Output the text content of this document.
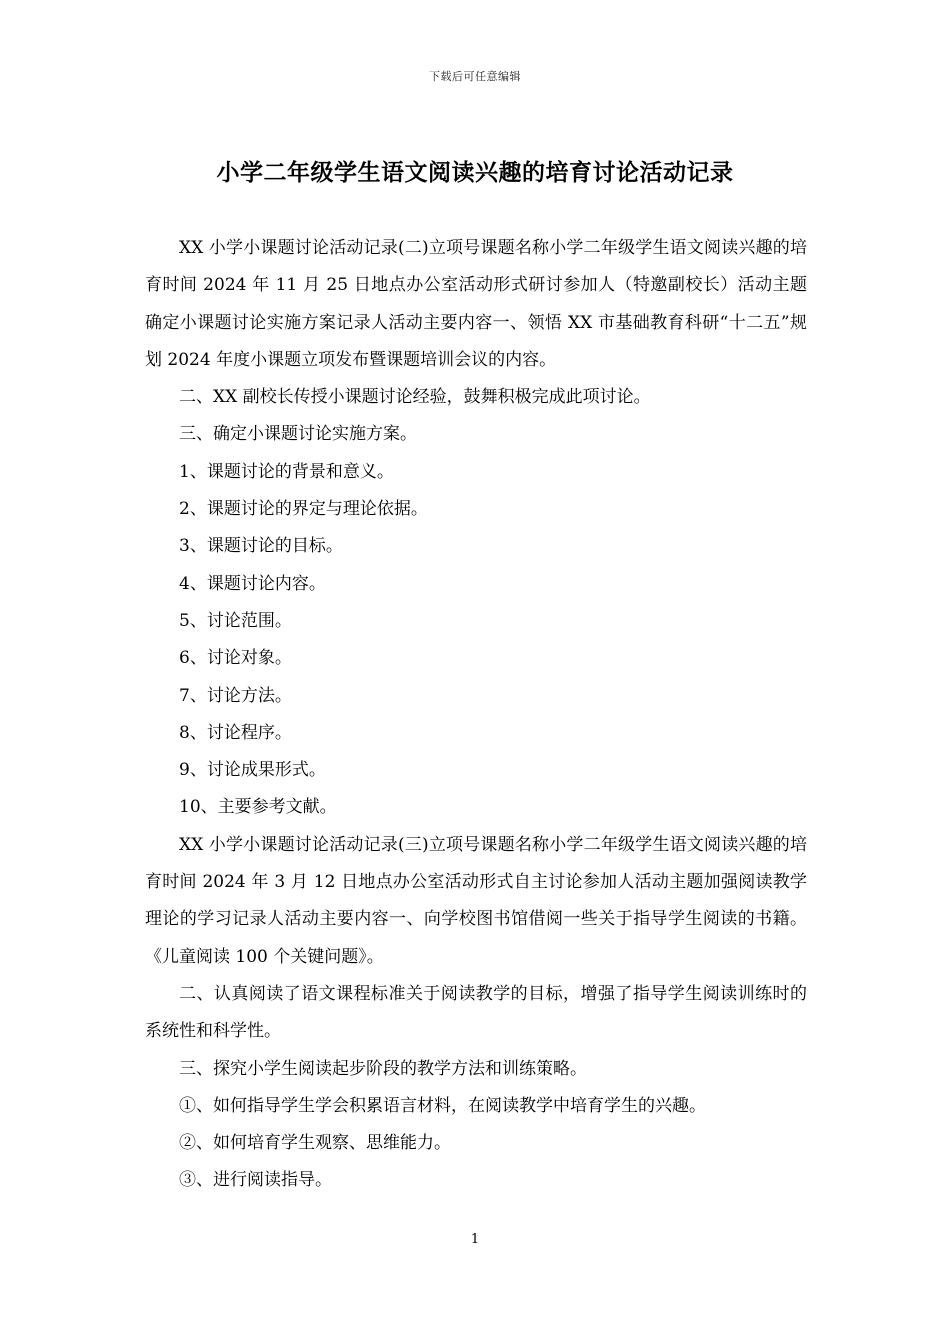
下载后可任意编辑
小学二年级学生语文阅读兴趣的培育讨论活动记录

XX 小学小课题讨论活动记录(二)立项号课题名称小学二年级学生语文阅读兴趣的培育时间 2024 年 11 月 25 日地点办公室活动形式研讨参加人（特邀副校长）活动主题确定小课题讨论实施方案记录人活动主要内容一、领悟 XX 市基础教育科研“十二五”规划 2024 年度小课题立项发布暨课题培训会议的内容。

二、XX 副校长传授小课题讨论经验，鼓舞积极完成此项讨论。

三、确定小课题讨论实施方案。

1、课题讨论的背景和意义。

2、课题讨论的界定与理论依据。

3、课题讨论的目标。

4、课题讨论内容。

5、讨论范围。

6、讨论对象。

7、讨论方法。

8、讨论程序。

9、讨论成果形式。

10、主要参考文献。

XX 小学小课题讨论活动记录(三)立项号课题名称小学二年级学生语文阅读兴趣的培育时间 2024 年 3 月 12 日地点办公室活动形式自主讨论参加人活动主题加强阅读教学理论的学习记录人活动主要内容一、向学校图书馆借阅一些关于指导学生阅读的书籍。《儿童阅读 100 个关键问题》。

二、认真阅读了语文课程标准关于阅读教学的目标，增强了指导学生阅读训练时的系统性和科学性。

三、探究小学生阅读起步阶段的教学方法和训练策略。

①、如何指导学生学会积累语言材料，在阅读教学中培育学生的兴趣。

②、如何培育学生观察、思维能力。

③、进行阅读指导。

1
